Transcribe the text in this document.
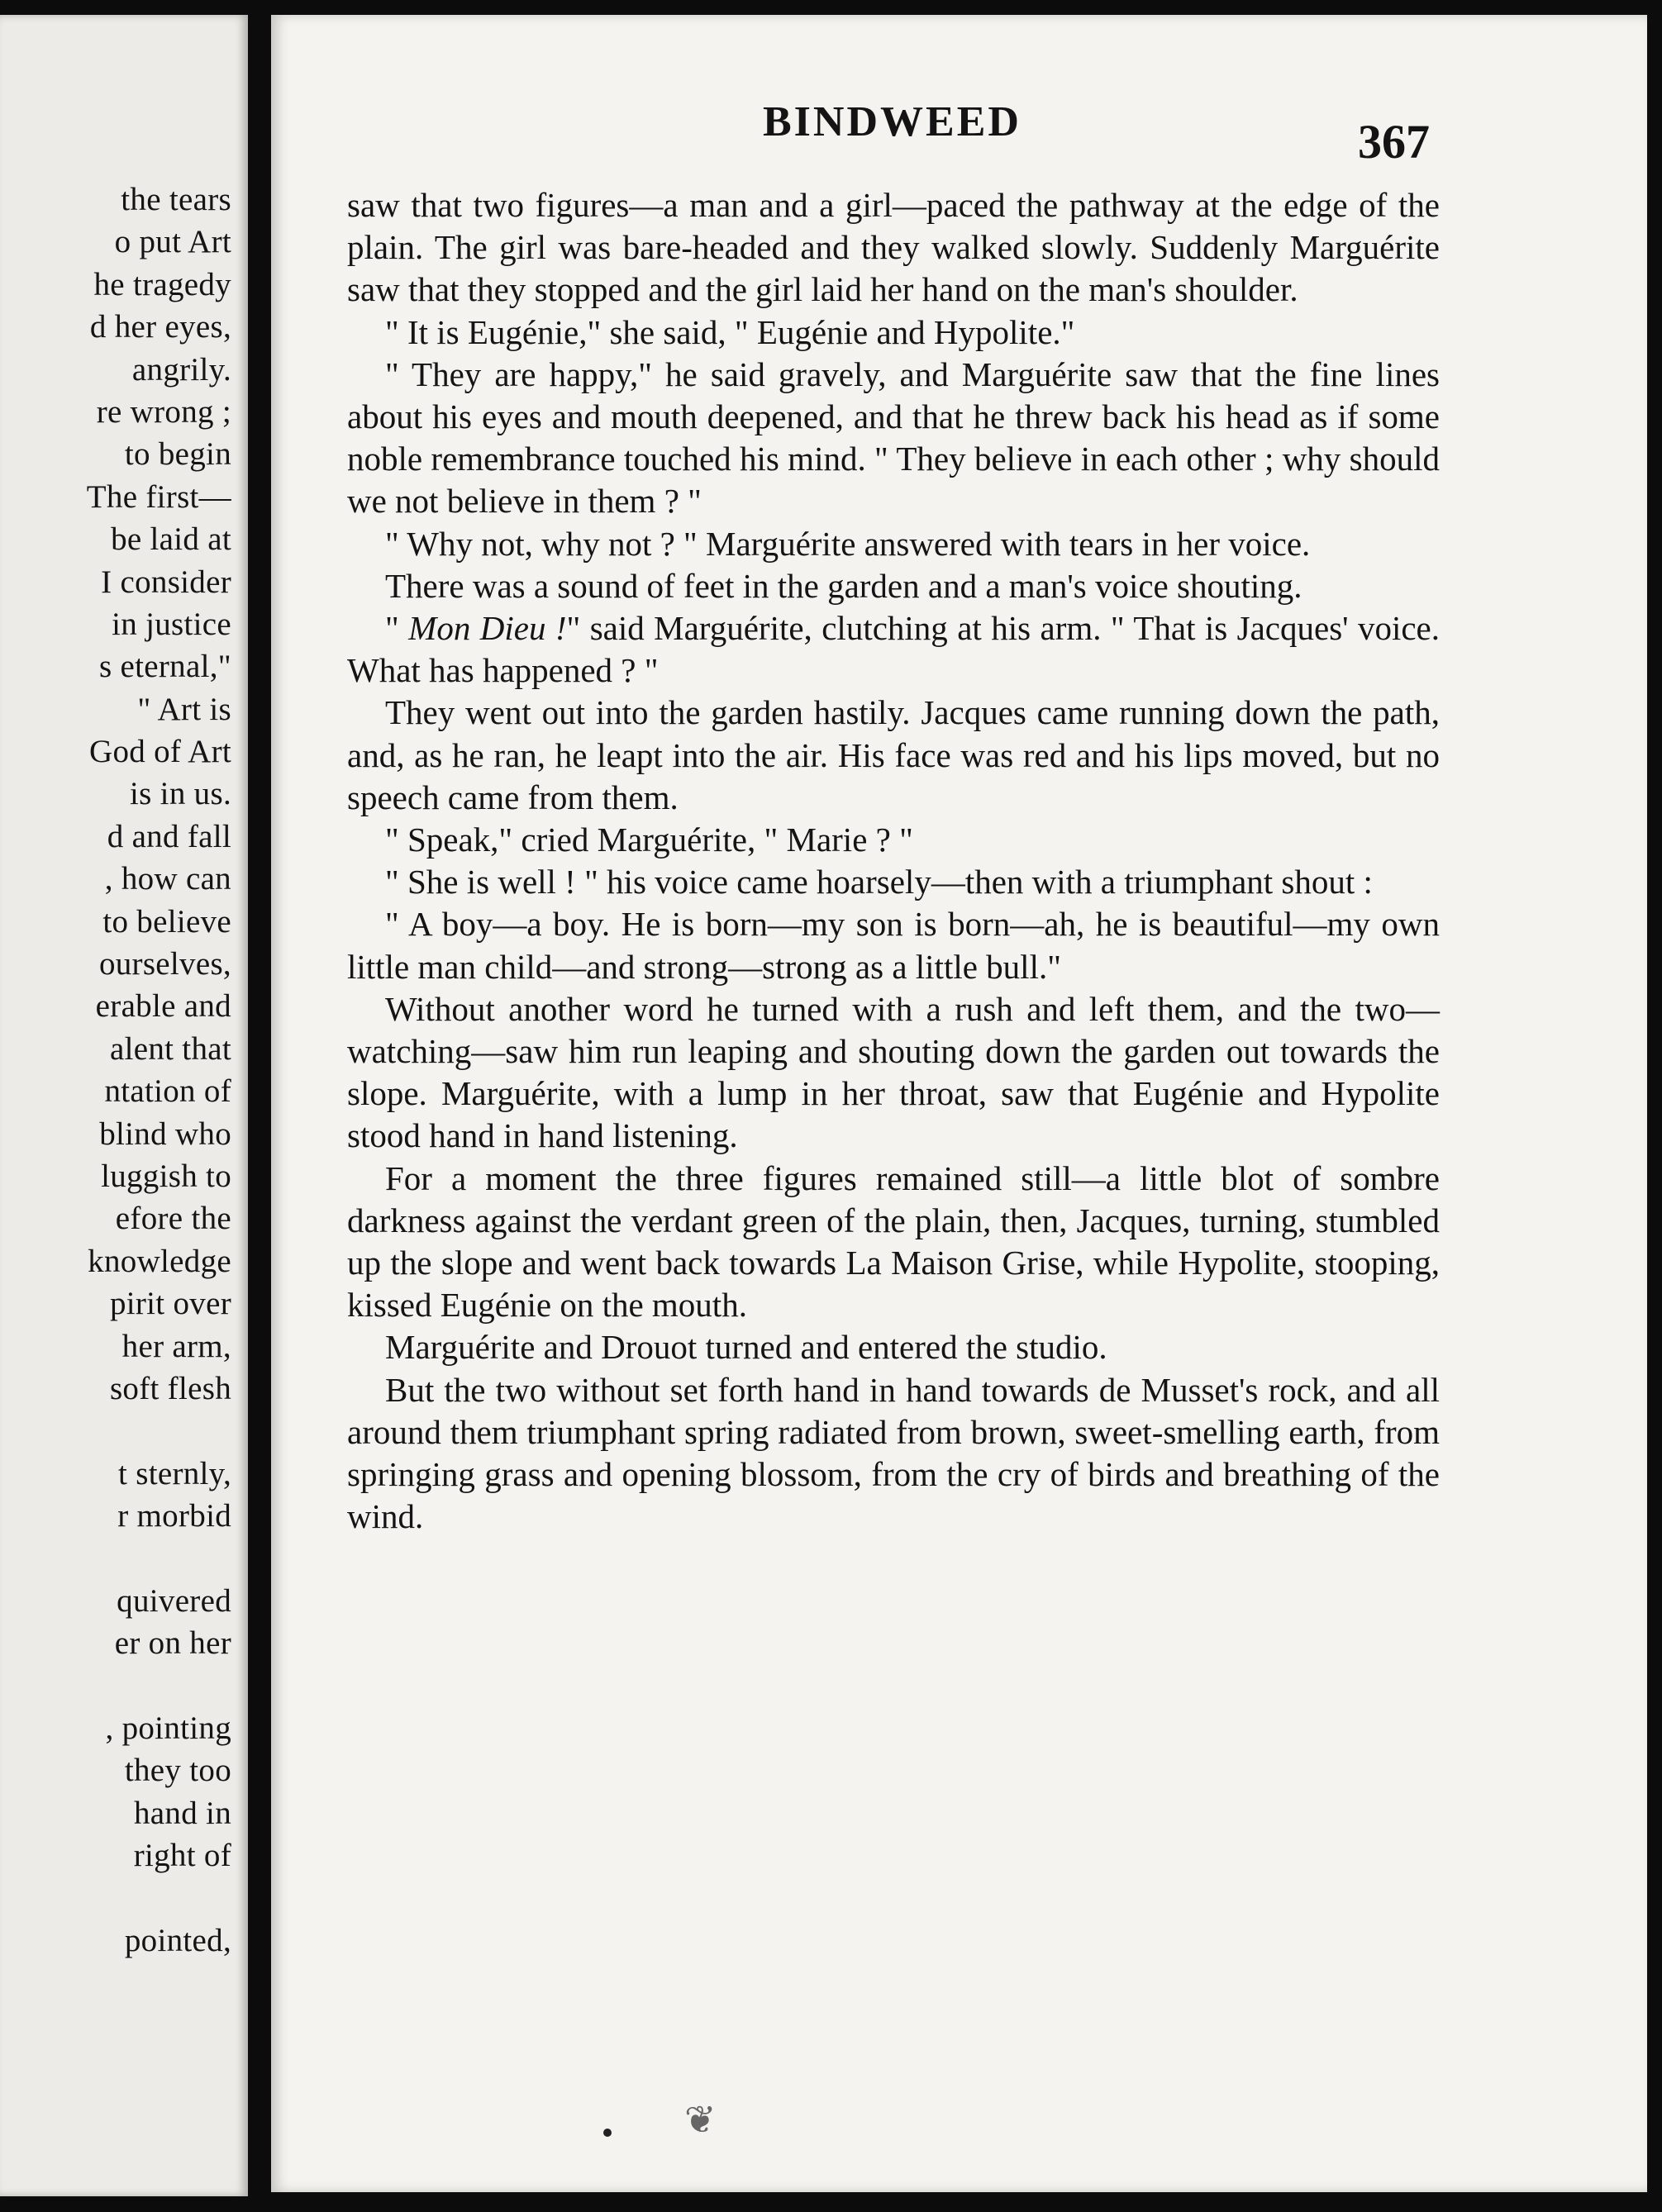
the tears
o put Art
he tragedy
d her eyes,
angrily.
re wrong ;
to begin
The first—
be laid at
I consider
in justice
s eternal,"
" Art is
God of Art
is in us.
d and fall
, how can
to believe
ourselves,
erable and
alent that
ntation of
blind who
luggish to
efore the
knowledge
pirit over
her arm,
soft flesh

t sternly,
r morbid

quivered
er on her

, pointing
they too
hand in
right of

pointed,
BINDWEED	367

saw that two figures—a man and a girl—paced the pathway at the edge of the plain. The girl was bare-headed and they walked slowly. Suddenly Marguérite saw that they stopped and the girl laid her hand on the man's shoulder.

" It is Eugénie," she said, " Eugénie and Hypolite."

" They are happy," he said gravely, and Marguérite saw that the fine lines about his eyes and mouth deepened, and that he threw back his head as if some noble remembrance touched his mind. " They believe in each other ; why should we not believe in them ? "

" Why not, why not ? " Marguérite answered with tears in her voice.

There was a sound of feet in the garden and a man's voice shouting.

" Mon Dieu !" said Marguérite, clutching at his arm. " That is Jacques' voice. What has happened ? "

They went out into the garden hastily. Jacques came running down the path, and, as he ran, he leapt into the air. His face was red and his lips moved, but no speech came from them.

" Speak," cried Marguérite, " Marie ? "

" She is well ! " his voice came hoarsely—then with a triumphant shout :

" A boy—a boy. He is born—my son is born—ah, he is beautiful—my own little man child—and strong—strong as a little bull."

Without another word he turned with a rush and left them, and the two—watching—saw him run leaping and shouting down the garden out towards the slope. Marguérite, with a lump in her throat, saw that Eugénie and Hypolite stood hand in hand listening.

For a moment the three figures remained still—a little blot of sombre darkness against the verdant green of the plain, then, Jacques, turning, stumbled up the slope and went back towards La Maison Grise, while Hypolite, stooping, kissed Eugénie on the mouth.

Marguérite and Drouot turned and entered the studio.

But the two without set forth hand in hand towards de Musset's rock, and all around them triumphant spring radiated from brown, sweet-smelling earth, from springing grass and opening blossom, from the cry of birds and breathing of the wind.

❦
